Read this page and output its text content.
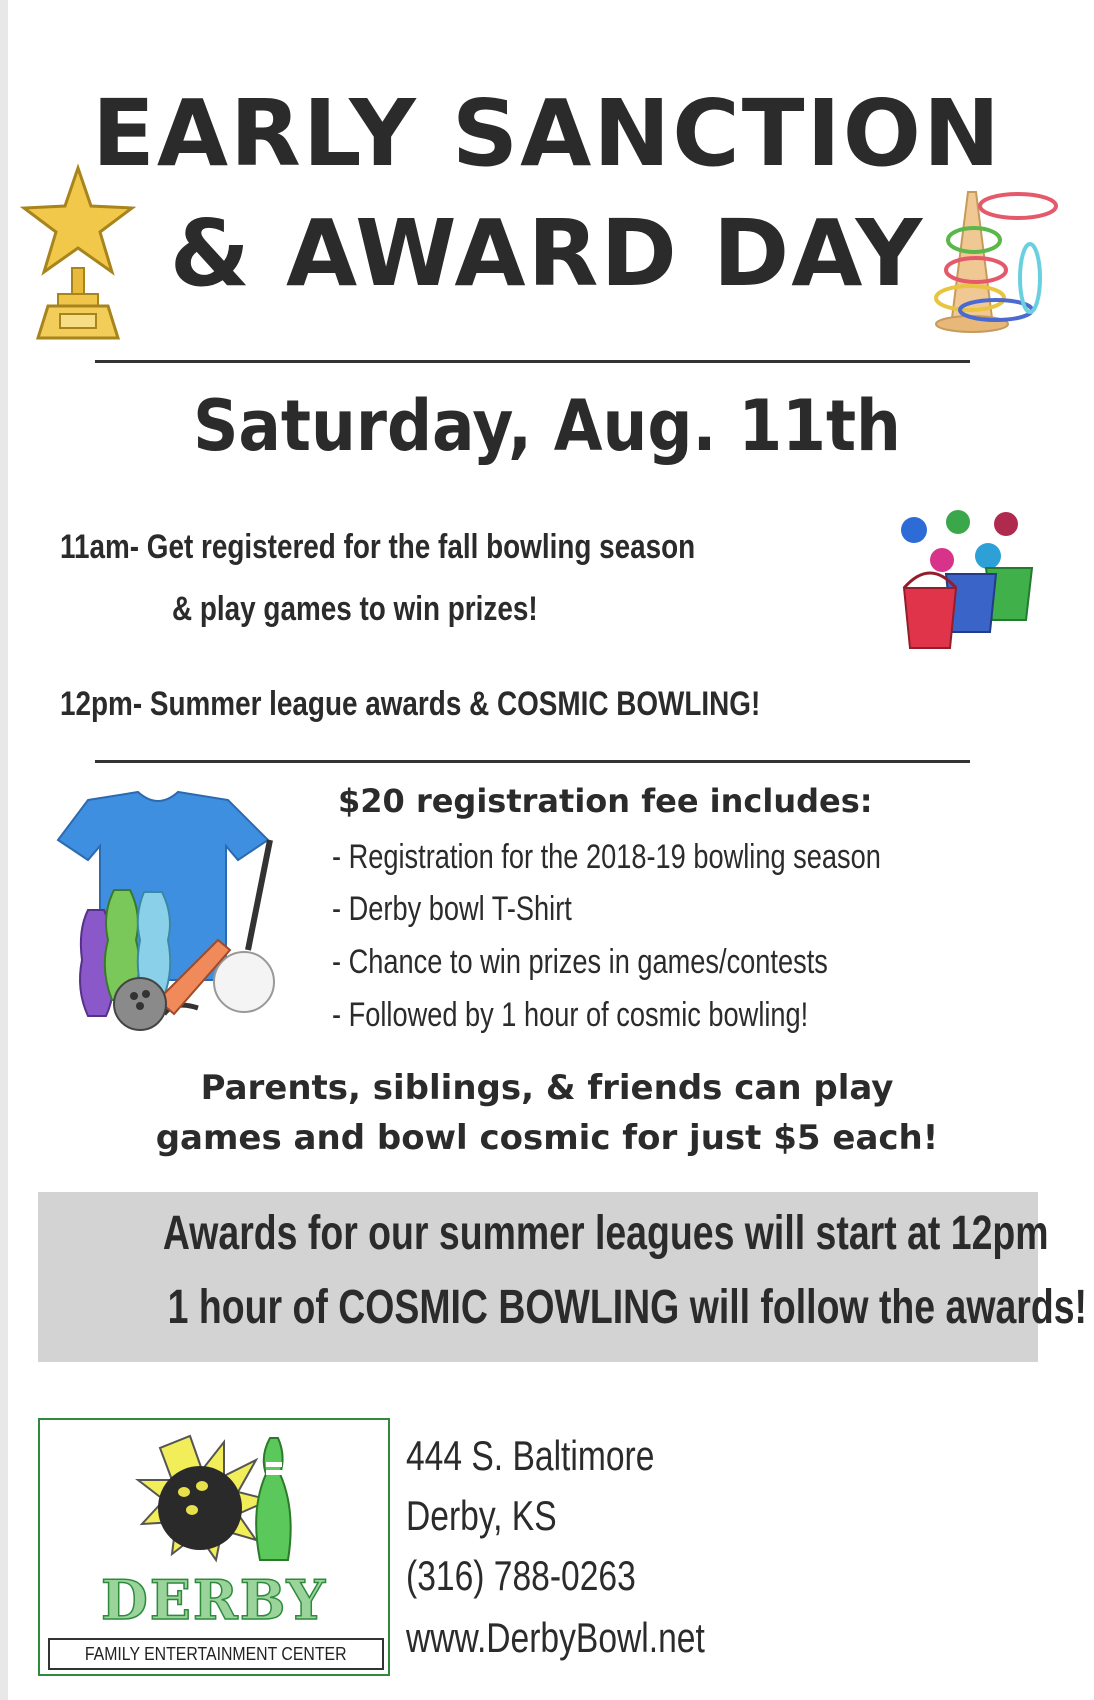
EARLY SANCTION
& AWARD DAY
Saturday, Aug. 11th
11am- Get registered for the fall bowling season
& play games to win prizes!
12pm- Summer league awards & COSMIC BOWLING!
$20 registration fee includes:
- Registration for the 2018-19 bowling season
- Derby bowl T-Shirt
- Chance to win prizes in games/contests
- Followed by 1 hour of cosmic bowling!
Parents, siblings, & friends can play
games and bowl cosmic for just $5 each!
Awards for our summer leagues will start at 12pm
1 hour of COSMIC BOWLING will follow the awards!
DERBY
FAMILY ENTERTAINMENT CENTER
444 S. Baltimore
Derby, KS
(316) 788-0263
www.DerbyBowl.net
